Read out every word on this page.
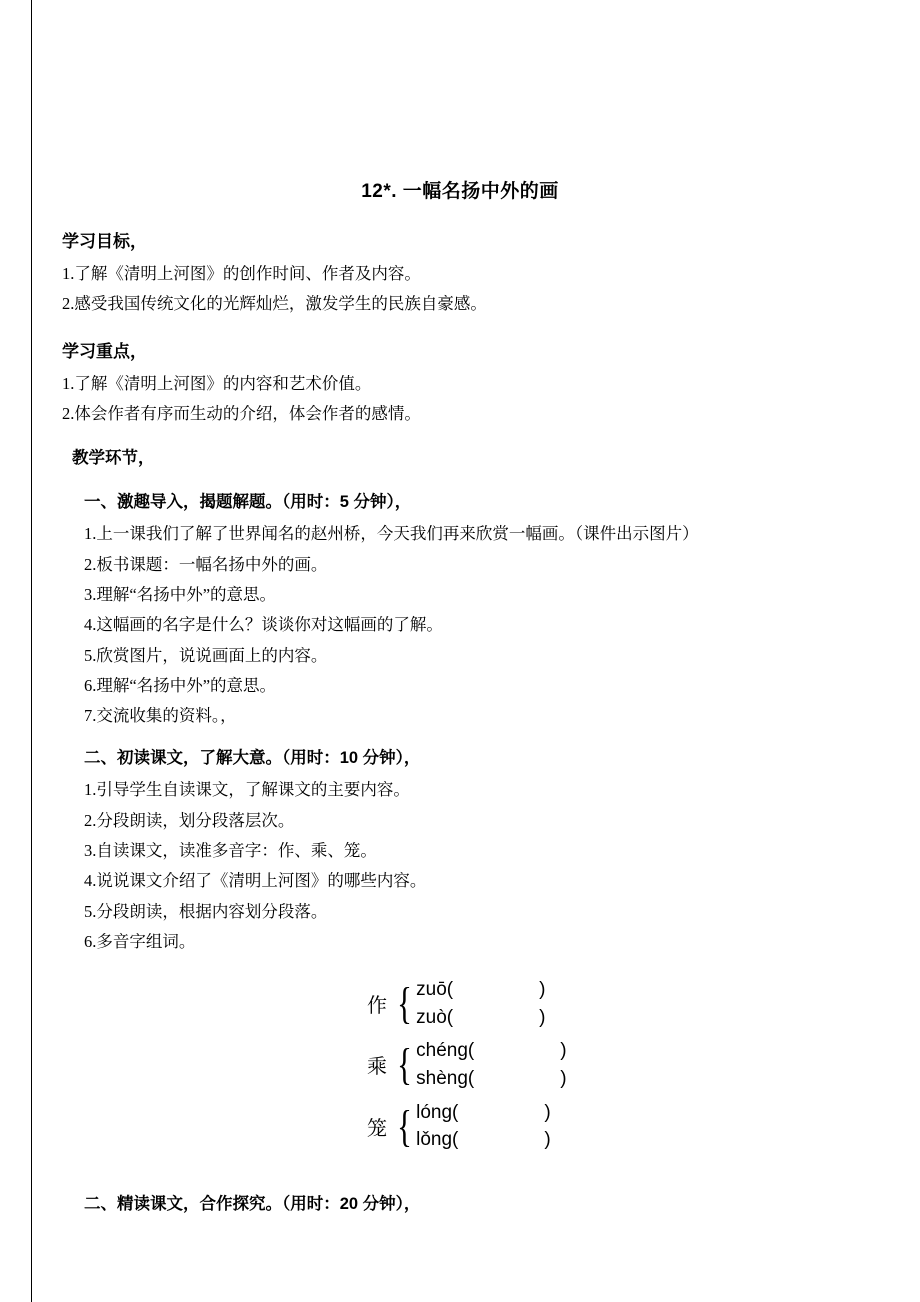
12*. 一幅名扬中外的画
学习目标，

1.了解《清明上河图》的创作时间、作者及内容。

2.感受我国传统文化的光辉灿烂，激发学生的民族自豪感。

学习重点，

1.了解《清明上河图》的内容和艺术价值。

2.体会作者有序而生动的介绍，体会作者的感情。

教学环节，
一、激趣导入，揭题解题。（用时：5 分钟），

1.上一课我们了解了世界闻名的赵州桥，今天我们再来欣赏一幅画。（课件出示图片）

2.板书课题：一幅名扬中外的画。

3.理解“名扬中外”的意思。

4.这幅画的名字是什么？谈谈你对这幅画的了解。

5.欣赏图片，说说画面上的内容。

6.理解“名扬中外”的意思。

7.交流收集的资料。，

二、初读课文，了解大意。（用时：10 分钟），

1.引导学生自读课文，了解课文的主要内容。

2.分段朗读，划分段落层次。

3.自读课文，读准多音字：作、乘、笼。

4.说说课文介绍了《清明上河图》的哪些内容。

5.分段朗读，根据内容划分段落。

6.多音字组词。

作 { zuō(	)
zuò(	)
乘 { chéng(	)
shèng(	)
笼 { lóng(	)
lǒng(	)
二、精读课文，合作探究。（用时：20 分钟），
